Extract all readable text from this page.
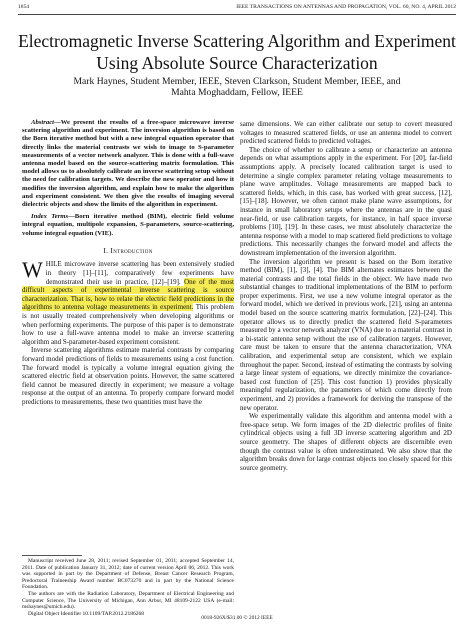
1854	IEEE TRANSACTIONS ON ANTENNAS AND PROPAGATION, VOL. 60, NO. 4, APRIL 2012
Electromagnetic Inverse Scattering Algorithm and Experiment Using Absolute Source Characterization
Mark Haynes, Student Member, IEEE, Steven Clarkson, Student Member, IEEE, and
Mahta Moghaddam, Fellow, IEEE

Abstract—We present the results of a free-space microwave inverse scattering algorithm and experiment. The inversion algorithm is based on the Born iterative method but with a new integral equation operator that directly links the material contrasts we wish to image to S-parameter measurements of a vector network analyzer. This is done with a full-wave antenna model based on the source-scattering matrix formulation. This model allows us to absolutely calibrate an inverse scattering setup without the need for calibration targets. We describe the new operator and how it modifies the inversion algorithm, and explain how to make the algorithm and experiment consistent. We then give the results of imaging several dielectric objects and show the limits of the algorithm in experiment.

Index Terms—Born iterative method (BIM), electric field volume integral equation, multipole expansion, S-parameters, source-scattering, volume integral equation (VIE).

I. Introduction

WHILE microwave inverse scattering has been extensively studied in theory [1]–[11], comparatively few experiments have demonstrated their use in practice, [12]–[19]. One of the most difficult aspects of experimental inverse scattering is source characterization. That is, how to relate the electric field predictions in the algorithms to antenna voltage measurements in experiment. This problem is not usually treated comprehensively when developing algorithms or when performing experiments. The purpose of this paper is to demonstrate how to use a full-wave antenna model to make an inverse scattering algorithm and S-parameter-based experiment consistent.

Inverse scattering algorithms estimate material contrasts by comparing forward model predictions of fields to measurements using a cost function. The forward model is typically a volume integral equation giving the scattered electric field at observation points. However, the same scattered field cannot be measured directly in experiment; we measure a voltage response at the output of an antenna. To properly compare forward model predictions to measurements, these two quantities must have the

same dimensions. We can either calibrate our setup to covert measured voltages to measured scattered fields, or use an antenna model to convert predicted scattered fields to predicted voltages.

The choice of whether to calibrate a setup or characterize an antenna depends on what assumptions apply in the experiment. For [20], far-field assumptions apply. A precisely located calibration target is used to determine a single complex parameter relating voltage measurements to plane wave amplitudes. Voltage measurements are mapped back to scattered fields, which, in this case, has worked with great success, [12], [15]–[18]. However, we often cannot make plane wave assumptions, for instance in small laboratory setups where the antennas are in the quasi near-field, or use calibration targets, for instance, in half space inverse problems [10], [19]. In these cases, we must absolutely characterize the antenna response with a model to map scattered field predictions to voltage predictions. This necessarily changes the forward model and affects the downstream implementation of the inversion algorithm.

The inversion algorithm we present is based on the Born iterative method (BIM), [1], [3], [4]. The BIM alternates estimates between the material contrasts and the total fields in the object. We have made two substantial changes to traditional implementations of the BIM to perform proper experiments. First, we use a new volume integral operator as the forward model, which we derived in previous work, [21], using an antenna model based on the source scattering matrix formulation, [22]–[24]. This operator allows us to directly predict the scattered field S-parameters measured by a vector network analyzer (VNA) due to a material contrast in a bi-static antenna setup without the use of calibration targets. However, care must be taken to ensure that the antenna characterization, VNA calibration, and experimental setup are consistent, which we explain throughout the paper. Second, instead of estimating the contrasts by solving a large linear system of equations, we directly minimize the covariance-based cost function of [25]. This cost function 1) provides physically meaningful regularization, the parameters of which come directly from experiment, and 2) provides a framework for deriving the transpose of the new operator.

We experimentally validate this algorithm and antenna model with a free-space setup. We form images of the 2D dielectric profiles of finite cylindrical objects using a full 3D inverse scattering algorithm and 2D source geometry. The shapes of different objects are discernible even though the contrast value is often underestimated. We also show that the algorithm breaks down for large contrast objects too closely spaced for this source geometry.

Manuscript received June 28, 2011; revised September 01, 2011; accepted September 14, 2011. Date of publication January 31, 2012; date of current version April 06, 2012. This work was supported in part by the Department of Defense, Breast Cancer Research Program, Predoctoral Traineeship Award number BC073270 and in part by the National Science Foundation.

The authors are with the Radiation Laboratory, Department of Electrical Engineering and Computer Science, The University of Michigan, Ann Arbor, MI 48109-2122 USA (e-mail: mshaynes@umich.edu).

Digital Object Identifier 10.1109/TAP.2012.2186268

0018-926X/$31.00 © 2012 IEEE
